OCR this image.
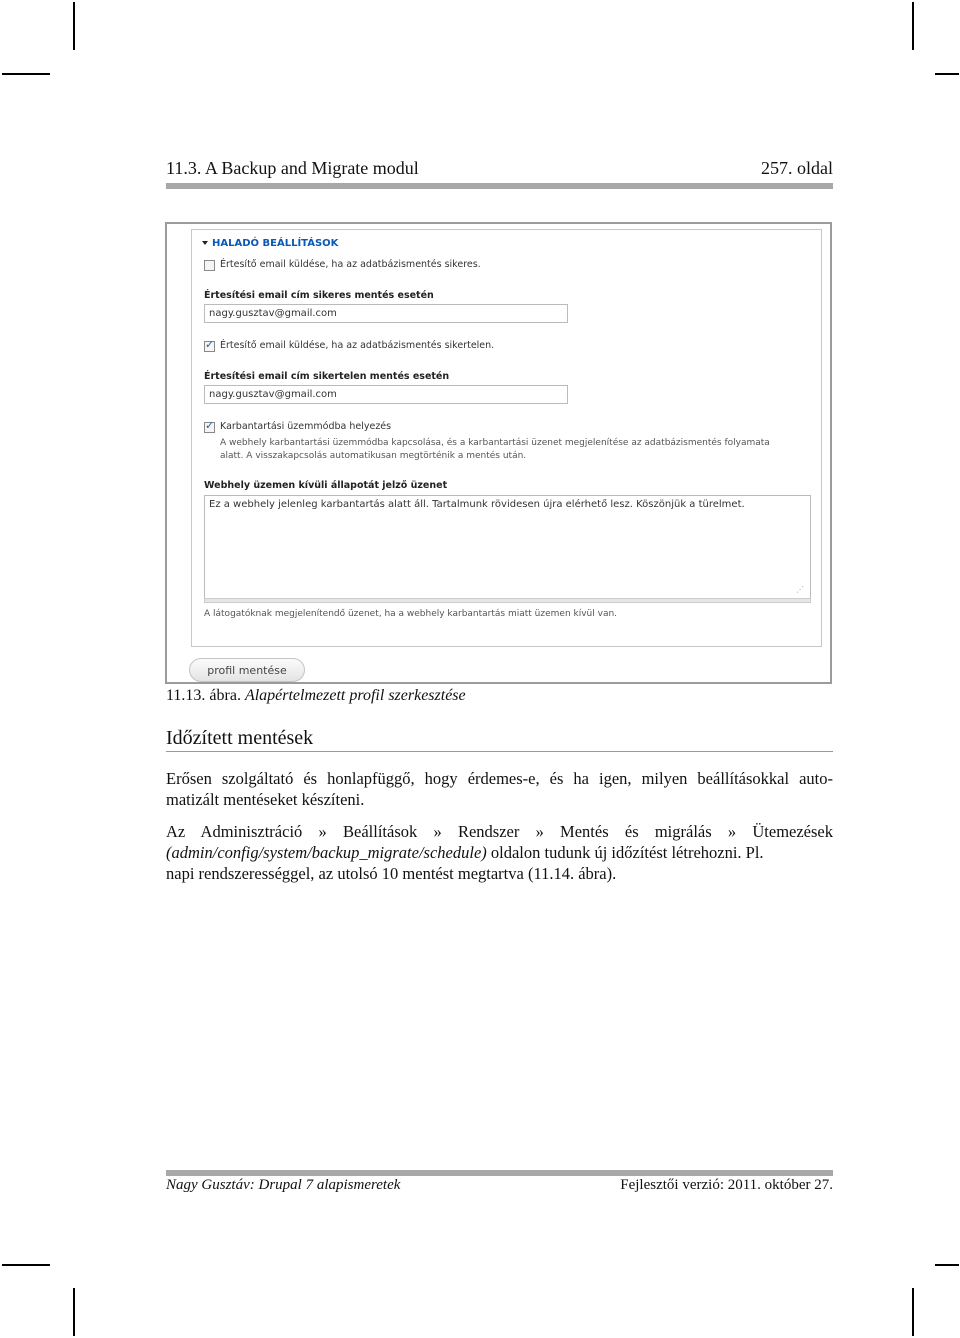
11.3. A Backup and Migrate modul	257. oldal
HALADÓ BEÁLLÍTÁSOK
Értesítő email küldése, ha az adatbázismentés sikeres.
Értesítési email cím sikeres mentés esetén
nagy.gusztav@gmail.com
✓ Értesítő email küldése, ha az adatbázismentés sikertelen.
Értesítési email cím sikertelen mentés esetén
nagy.gusztav@gmail.com
✓ Karbantartási üzemmódba helyezés
A webhely karbantartási üzemmódba kapcsolása, és a karbantartási üzenet megjelenítése az adatbázismentés folyamata
alatt. A visszakapcsolás automatikusan megtörténik a mentés után.
Webhely üzemen kívüli állapotát jelző üzenet
Ez a webhely jelenleg karbantartás alatt áll. Tartalmunk rövidesen újra elérhető lesz. Köszönjük a türelmet.
⋰
A látogatóknak megjelenítendő üzenet, ha a webhely karbantartás miatt üzemen kívül van.
profil mentése
11.13. ábra. Alapértelmezett profil szerkesztése
Időzített mentések
Erősen szolgáltató és honlapfüggő, hogy érdemes-e, és ha igen, milyen beállításokkal auto-
matizált mentéseket készíteni.
Az Adminisztráció » Beállítások » Rendszer » Mentés és migrálás » Ütemezések
(admin/config/system/backup_migrate/schedule) oldalon tudunk új időzítést létrehozni. Pl.
napi rendszerességgel, az utolsó 10 mentést megtartva (11.14. ábra).
Nagy Gusztáv: Drupal 7 alapismeretek	Fejlesztői verzió: 2011. október 27.
